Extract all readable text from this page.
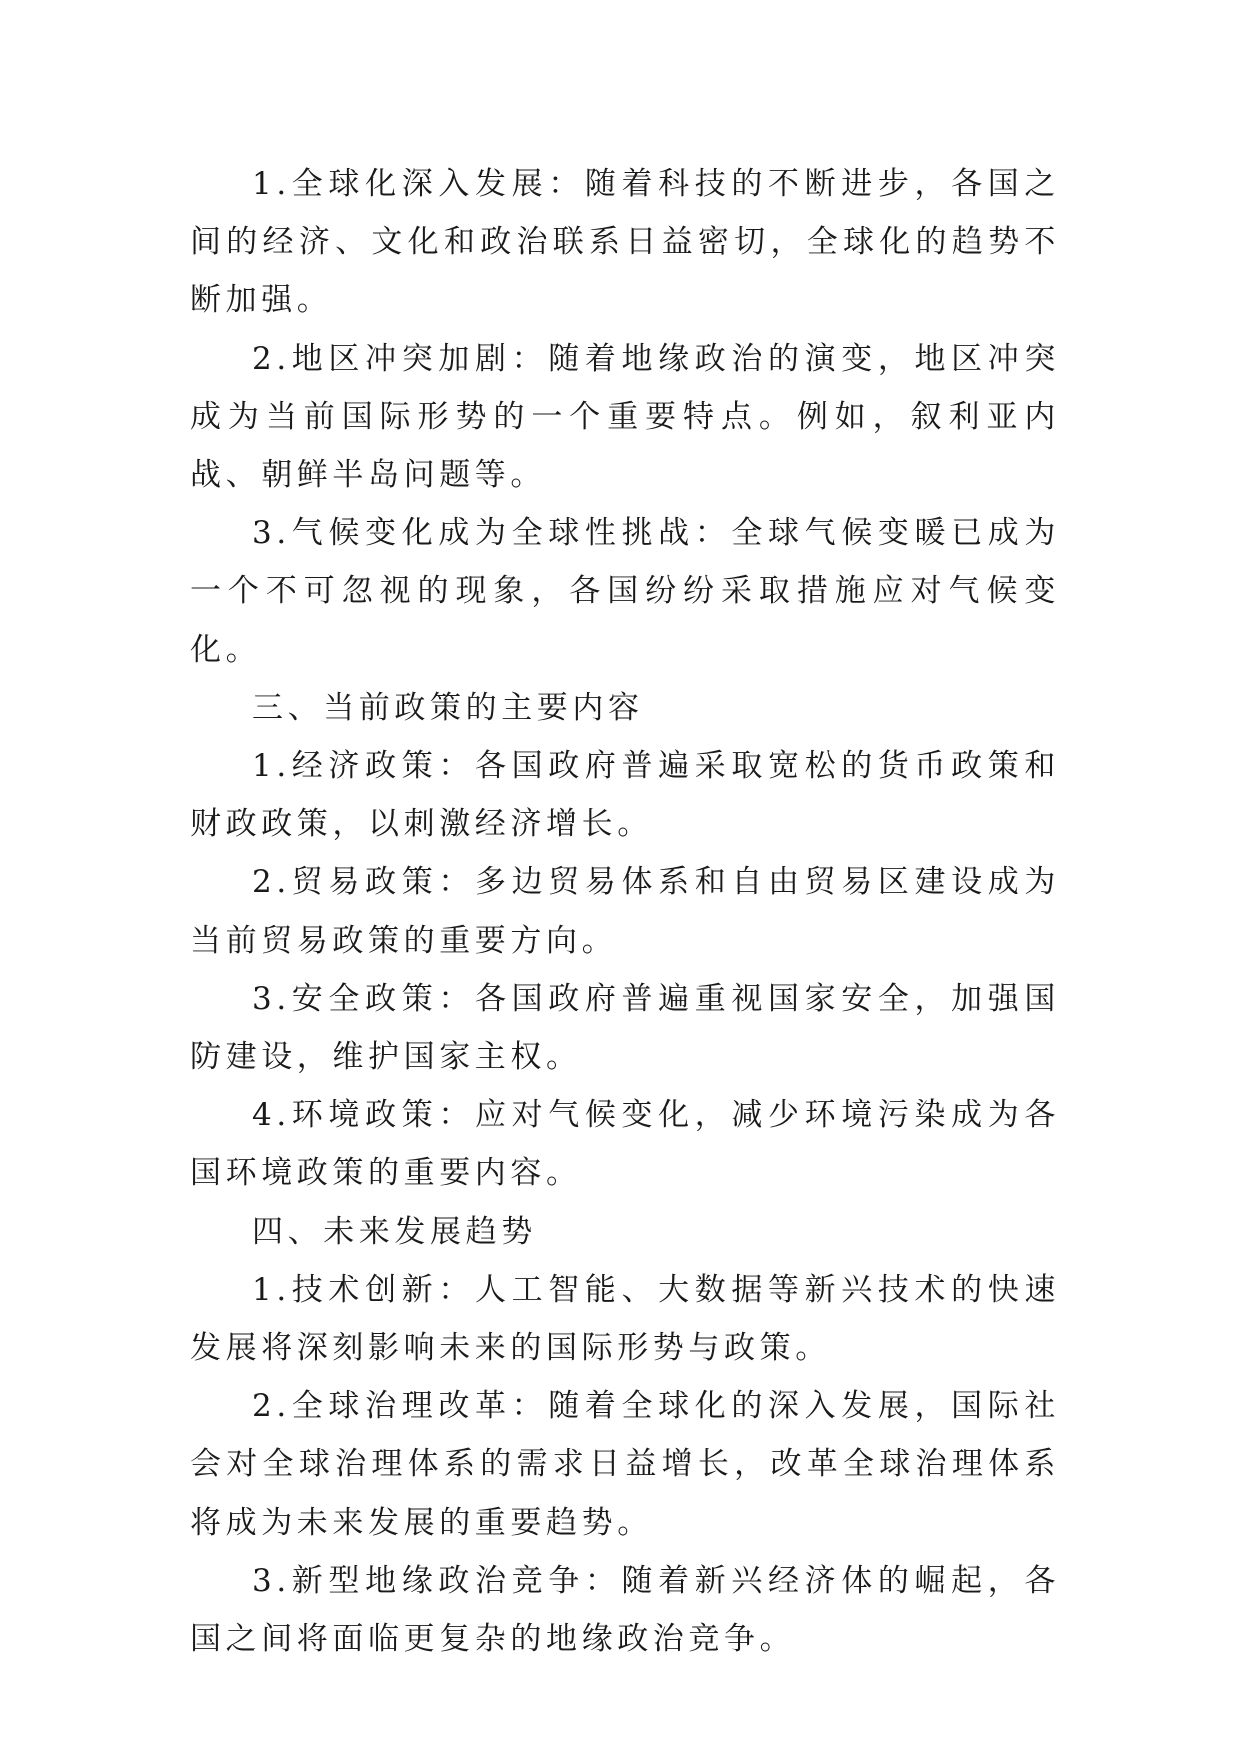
1.全球化深入发展：随着科技的不断进步，各国之间的经济、文化和政治联系日益密切，全球化的趋势不断加强。

2.地区冲突加剧：随着地缘政治的演变，地区冲突成为当前国际形势的一个重要特点。例如，叙利亚内战、朝鲜半岛问题等。

3.气候变化成为全球性挑战：全球气候变暖已成为一个不可忽视的现象，各国纷纷采取措施应对气候变化。

三、当前政策的主要内容

1.经济政策：各国政府普遍采取宽松的货币政策和财政政策，以刺激经济增长。

2.贸易政策：多边贸易体系和自由贸易区建设成为当前贸易政策的重要方向。

3.安全政策：各国政府普遍重视国家安全，加强国防建设，维护国家主权。

4.环境政策：应对气候变化，减少环境污染成为各国环境政策的重要内容。

四、未来发展趋势

1.技术创新：人工智能、大数据等新兴技术的快速发展将深刻影响未来的国际形势与政策。

2.全球治理改革：随着全球化的深入发展，国际社会对全球治理体系的需求日益增长，改革全球治理体系将成为未来发展的重要趋势。

3.新型地缘政治竞争：随着新兴经济体的崛起，各国之间将面临更复杂的地缘政治竞争。
